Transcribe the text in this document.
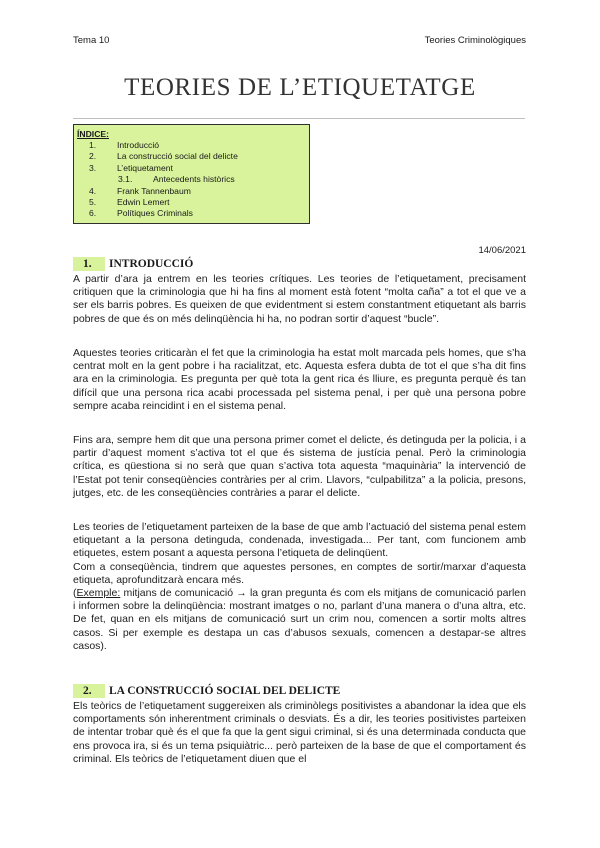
Tema 10	Teories Criminològiques
TEORIES DE L’ETIQUETATGE
ÍNDICE:
1. Introducció
2. La construcció social del delicte
3. L’etiquetament
3.1. Antecedents històrics
4. Frank Tannenbaum
5. Edwin Lemert
6. Polítiques Criminals
14/06/2021
1. INTRODUCCIÓ
A partir d’ara ja entrem en les teories crítiques. Les teories de l’etiquetament, precisament critiquen que la criminologia que hi ha fins al moment està fotent “molta caña” a tot el que ve a ser els barris pobres. Es queixen de que evidentment si estem constantment etiquetant als barris pobres de que és on més delinqüència hi ha, no podran sortir d’aquest “bucle”.
Aquestes teories criticaràn el fet que la criminologia ha estat molt marcada pels homes, que s’ha centrat molt en la gent pobre i ha racialitzat, etc. Aquesta esfera dubta de tot el que s’ha dit fins ara en la criminologia. Es pregunta per què tota la gent rica és lliure, es pregunta perquè és tan difícil que una persona rica acabi processada pel sistema penal, i per què una persona pobre sempre acaba reincidint i en el sistema penal.
Fins ara, sempre hem dit que una persona primer comet el delicte, és detinguda per la policia, i a partir d’aquest moment s’activa tot el que és sistema de justícia penal. Però la criminologia crítica, es qüestiona si no serà que quan s’activa tota aquesta “maquinària” la intervenció de l’Estat pot tenir conseqüències contràries per al crim. Llavors, “culpabilitza” a la policia, presons, jutges, etc. de les conseqüències contràries a parar el delicte.

Les teories de l’etiquetament parteixen de la base de que amb l’actuació del sistema penal estem etiquetant a la persona detinguda, condenada, investigada... Per tant, com funcionem amb etiquetes, estem posant a aquesta persona l’etiqueta de delinqüent.

Com a conseqüència, tindrem que aquestes persones, en comptes de sortir/marxar d’aquesta etiqueta, aprofunditzarà encara més.

(Exemple: mitjans de comunicació → la gran pregunta és com els mitjans de comunicació parlen i informen sobre la delinqüència: mostrant imatges o no, parlant d’una manera o d’una altra, etc. De fet, quan en els mitjans de comunicació surt un crim nou, comencen a sortir molts altres casos. Si per exemple es destapa un cas d’abusos sexuals, comencen a destapar-se altres casos).

2. LA CONSTRUCCIÓ SOCIAL DEL DELICTE
Els teòrics de l’etiquetament suggereixen als criminòlegs positivistes a abandonar la idea que els comportaments són inherentment criminals o desviats. És a dir, les teories positivistes parteixen de intentar trobar què és el que fa que la gent sigui criminal, si és una determinada conducta que ens provoca ira, si és un tema psiquiàtric... però parteixen de la base de que el comportament és criminal. Els teòrics de l’etiquetament diuen que el
